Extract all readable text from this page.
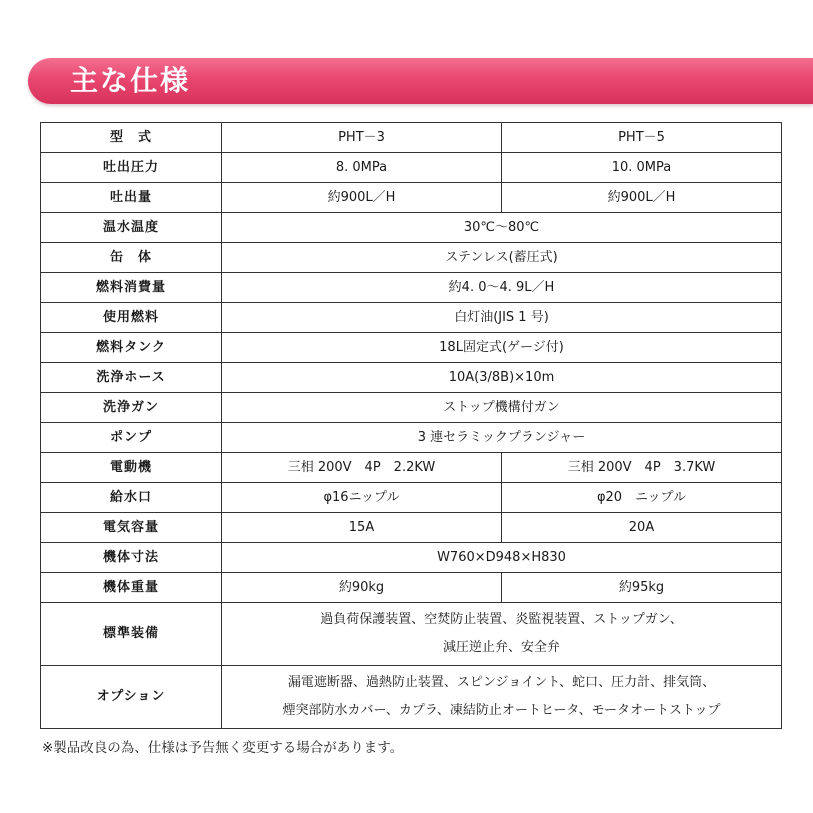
主な仕様
型　式	PHT－3	PHT－5
吐出圧力	8. 0MPa	10. 0MPa
吐出量	約900L／H	約900L／H
温水温度	30℃～80℃	
缶　体	ステンレス(蓄圧式)	
燃料消費量	約4. 0～4. 9L／H	
使用燃料	白灯油(JIS 1 号)	
燃料タンク	18L固定式(ゲージ付)	
洗浄ホース	10A(3/8B)×10m	
洗浄ガン	ストップ機構付ガン	
ポンプ	3 連セラミックプランジャー	
電動機	三相 200V　4P　2.2KW	三相 200V　4P　3.7KW
給水口	φ16ニップル	φ20　ニップル
電気容量	15A	20A
機体寸法	W760×D948×H830	
機体重量	約90kg	約95kg
標準装備	過負荷保護装置、空焚防止装置、炎監視装置、ストップガン、
減圧逆止弁、安全弁	

オプション	漏電遮断器、過熱防止装置、スピンジョイント、蛇口、圧力計、排気筒、
煙突部防水カバー、カプラ、凍結防止オートヒータ、モータオートストップ	
※製品改良の為、仕様は予告無く変更する場合があります。
